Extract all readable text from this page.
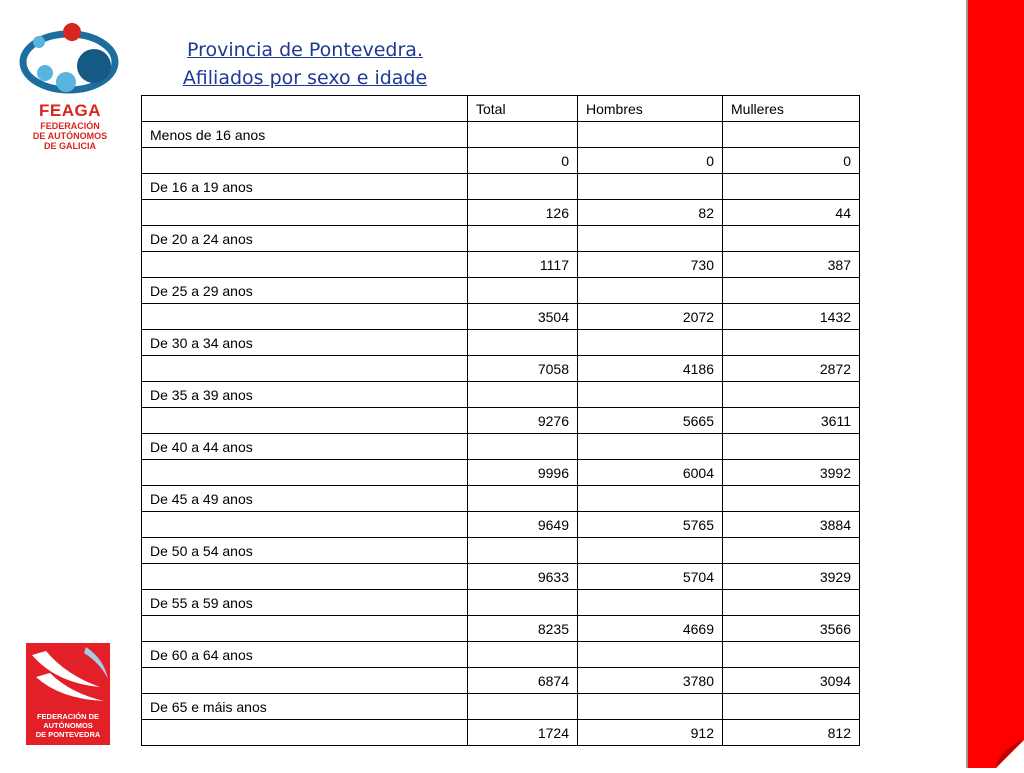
FEAGA
FEDERACIÓN
DE AUTÓNOMOS
DE GALICIA
Provincia de Pontevedra.
Afiliados por sexo e idade
	Total	Hombres	Mulleres
Menos de 16 anos			
	0	0	0
De 16 a 19 anos			
	126	82	44
De 20 a 24 anos			
	1117	730	387
De 25 a 29 anos			
	3504	2072	1432
De 30 a 34 anos			
	7058	4186	2872
De 35 a 39 anos			
	9276	5665	3611
De 40 a 44 anos			
	9996	6004	3992
De 45 a 49 anos			
	9649	5765	3884
De 50 a 54 anos			
	9633	5704	3929
De 55 a 59 anos			
	8235	4669	3566
De 60 a 64 anos			
	6874	3780	3094
De 65 e máis anos			
	1724	912	812
FEDERACIÓN DE
AUTÓNOMOS
DE PONTEVEDRA
